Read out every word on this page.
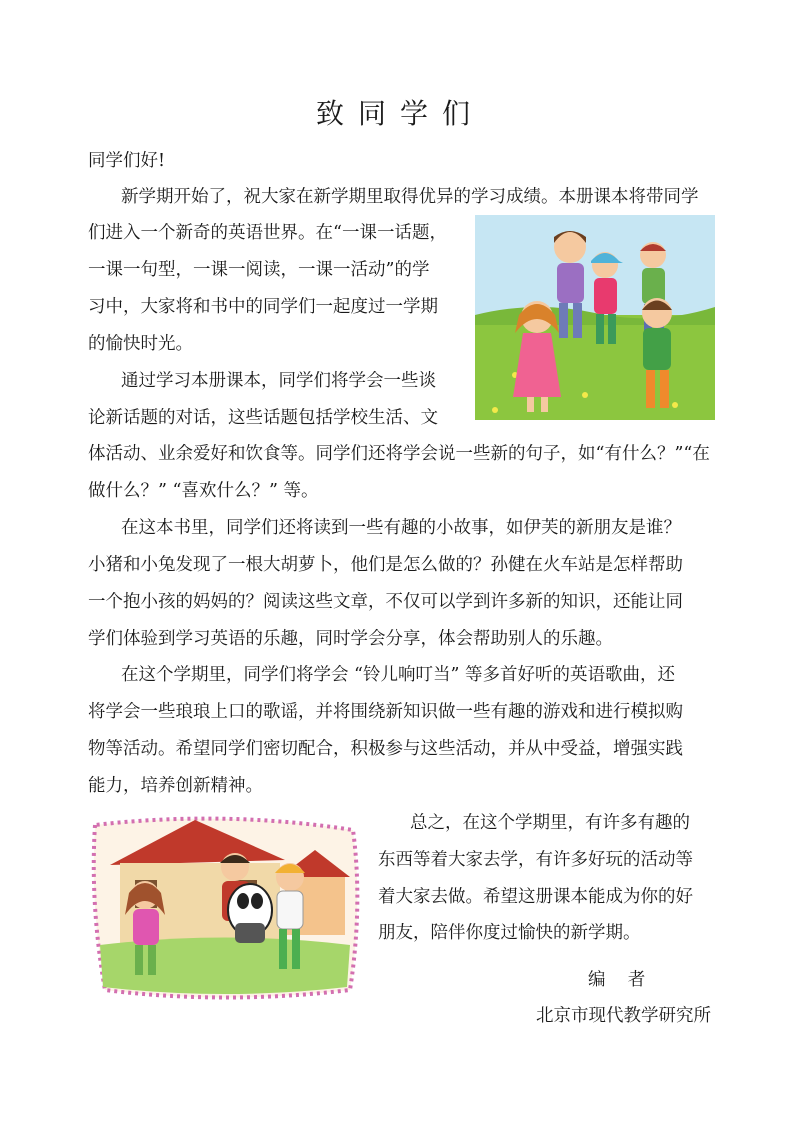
致同学们
同学们好!
新学期开始了，祝大家在新学期里取得优异的学习成绩。本册课本将带同学
们进入一个新奇的英语世界。在“一课一话题，
一课一句型，一课一阅读，一课一活动”的学
习中，大家将和书中的同学们一起度过一学期
的愉快时光。
通过学习本册课本，同学们将学会一些谈
论新话题的对话，这些话题包括学校生活、文
体活动、业余爱好和饮食等。同学们还将学会说一些新的句子，如“有什么？”“在
做什么？” “喜欢什么？” 等。
在这本书里，同学们还将读到一些有趣的小故事，如伊芙的新朋友是谁？
小猪和小兔发现了一根大胡萝卜，他们是怎么做的？孙健在火车站是怎样帮助
一个抱小孩的妈妈的？阅读这些文章，不仅可以学到许多新的知识，还能让同
学们体验到学习英语的乐趣，同时学会分享，体会帮助别人的乐趣。
在这个学期里，同学们将学会 “铃儿响叮当” 等多首好听的英语歌曲，还
将学会一些琅琅上口的歌谣，并将围绕新知识做一些有趣的游戏和进行模拟购
物等活动。希望同学们密切配合，积极参与这些活动，并从中受益，增强实践
能力，培养创新精神。
总之，在这个学期里，有许多有趣的
东西等着大家去学，有许多好玩的活动等
着大家去做。希望这册课本能成为你的好
朋友，陪伴你度过愉快的新学期。
编    者
北京市现代教学研究所
